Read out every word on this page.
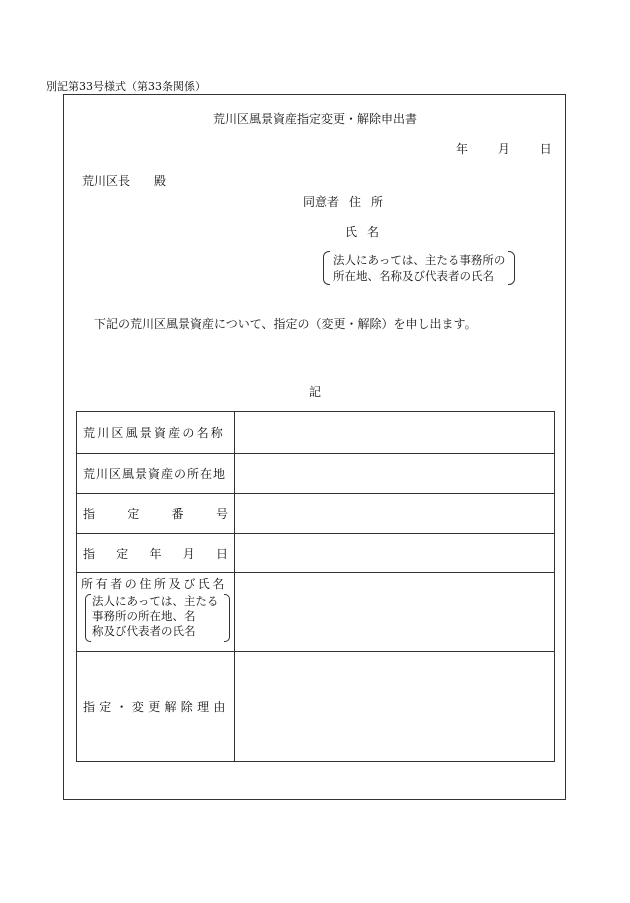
別記第33号様式（第33条関係）
荒川区風景資産指定変更・解除申出書
年 月 日
荒川区長 殿
同意者 住所
氏名
法人にあっては、主たる事務所の
所在地、名称及び代表者の氏名
下記の荒川区風景資産について、指定の（変更・解除）を申し出ます。
記
荒川区風景資産の名称	
荒川区風景資産の所在地	

指 定 番 号	

指 定 年 月 日	

所有者の住所及び氏名
法人にあっては、主たる
事務所の所在地、名
称及び代表者の氏名	

指定・変更解除理由	
